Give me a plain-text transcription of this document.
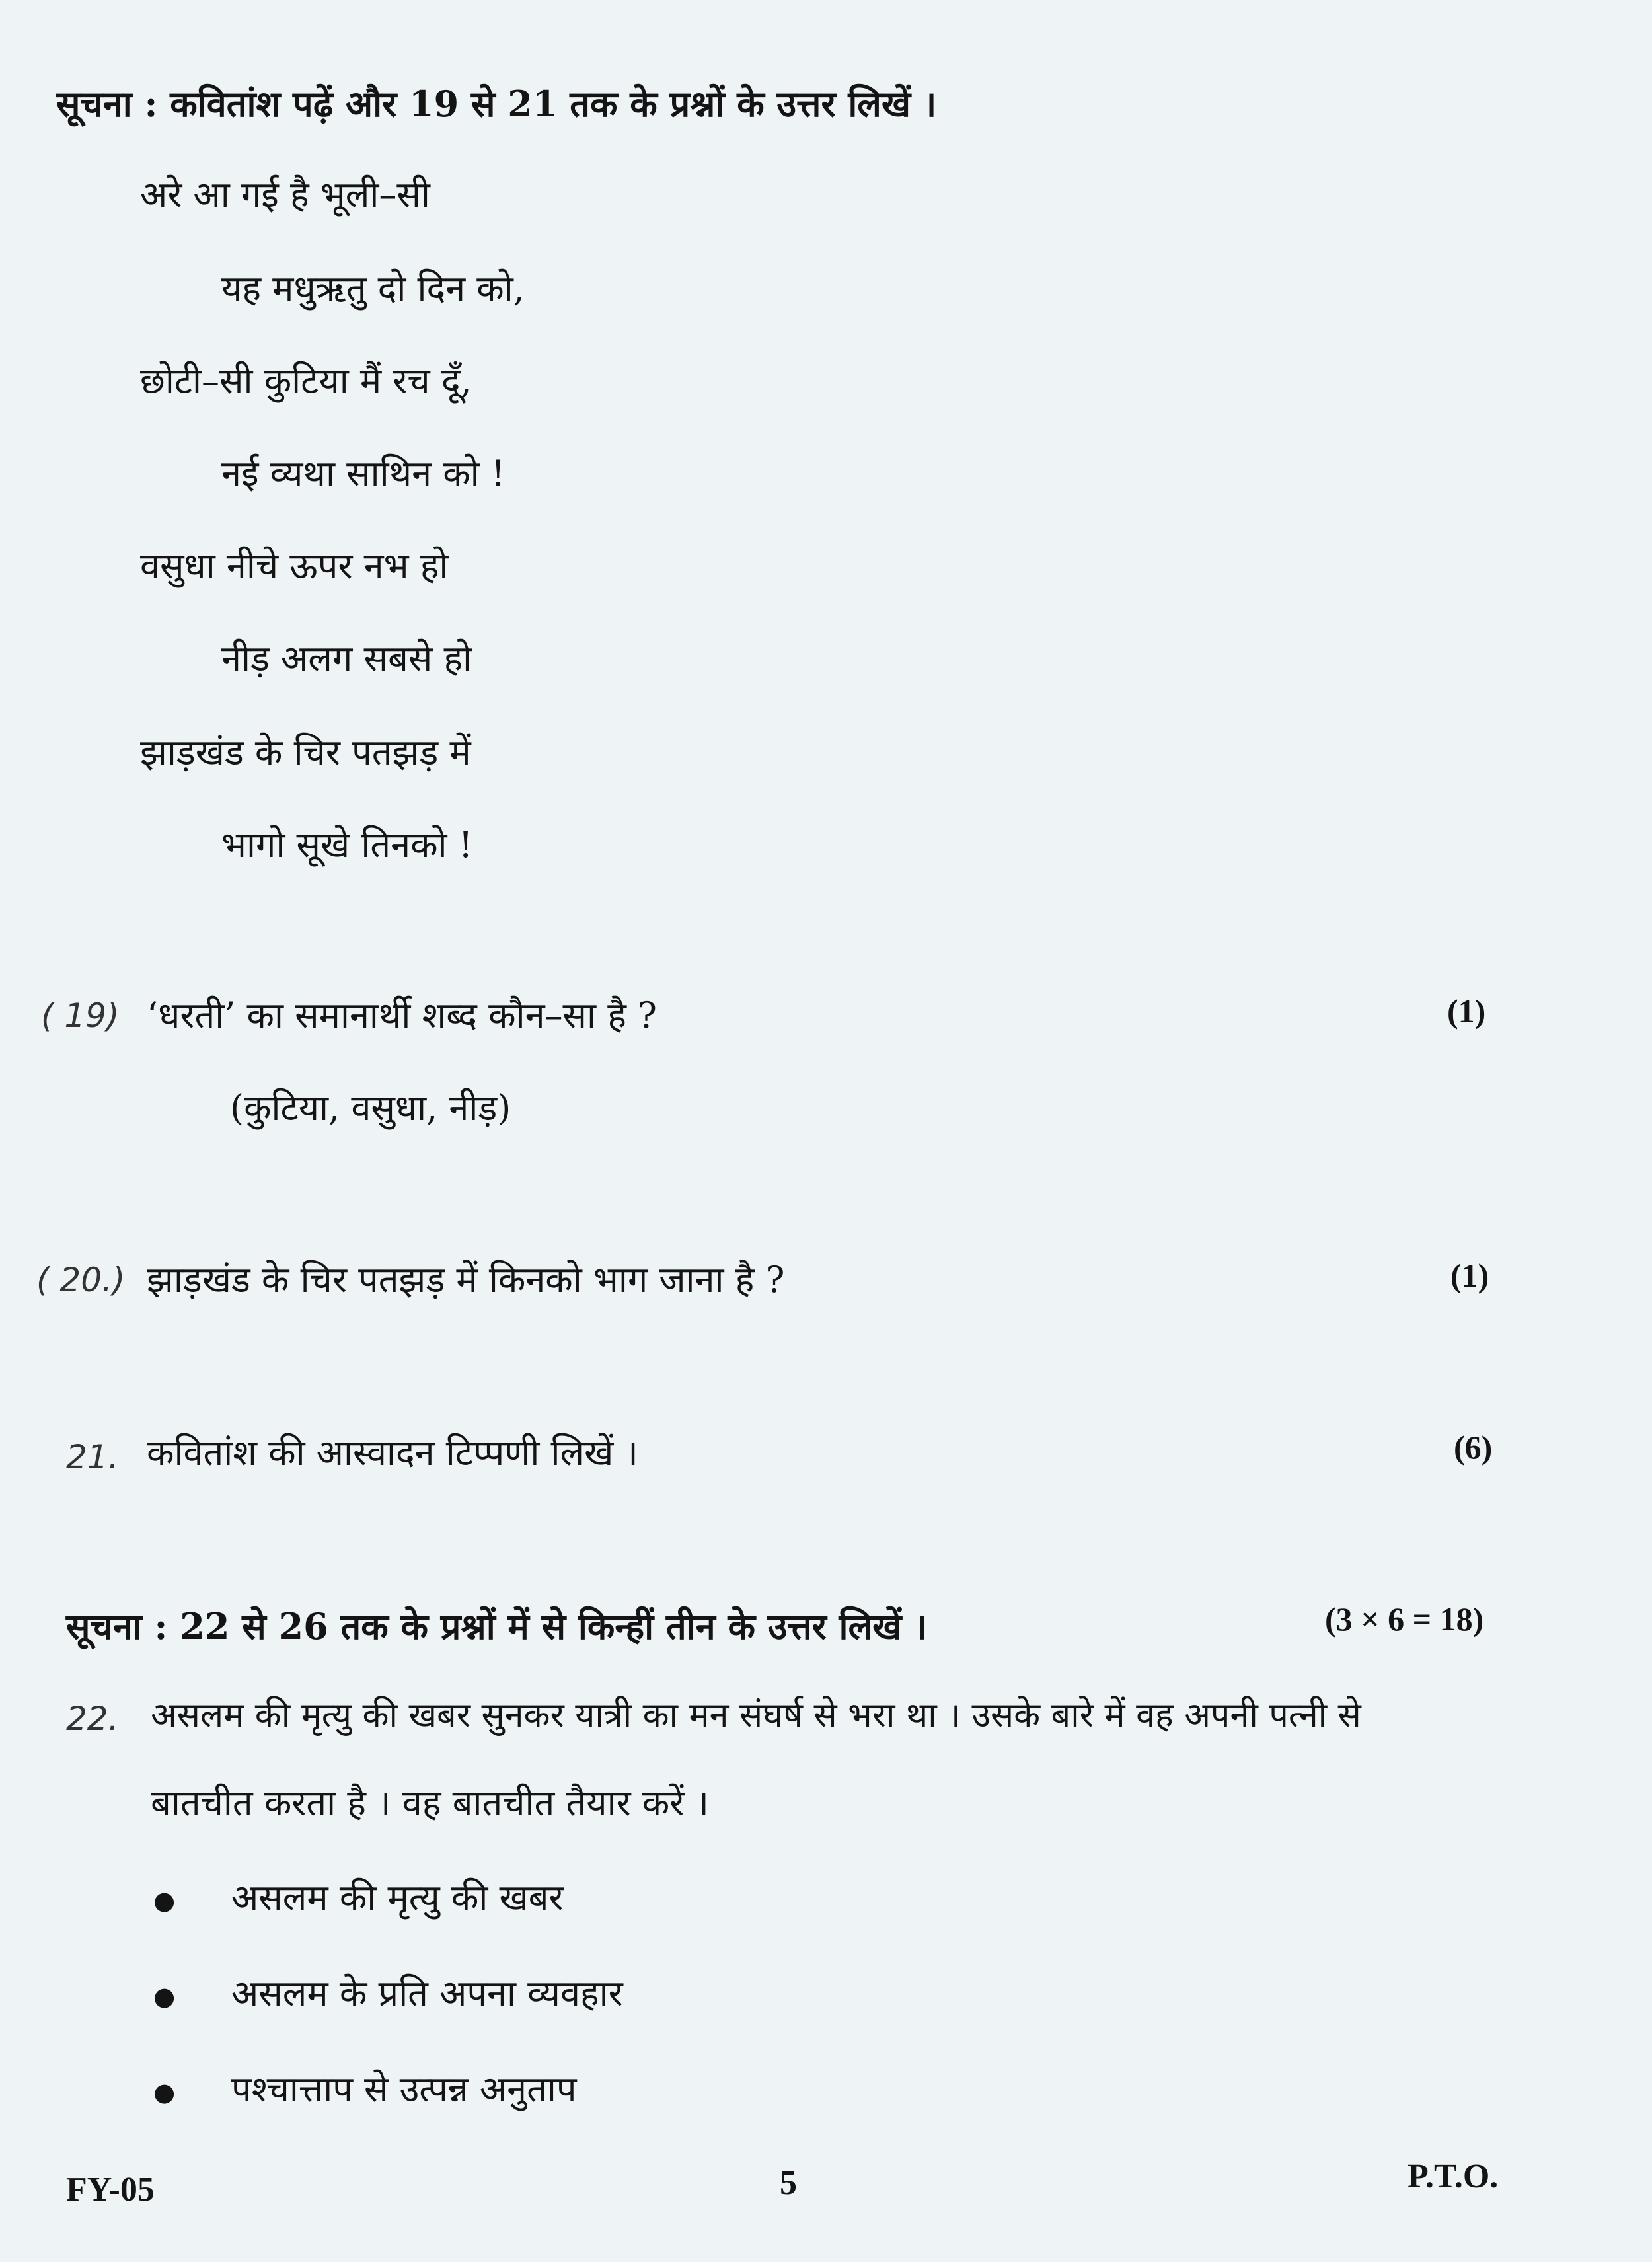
सूचना : कवितांश पढ़ें और 19 से 21 तक के प्रश्नों के उत्तर लिखें ।
अरे आ गई है भूली–सी
यह मधुऋतु दो दिन को,
छोटी–सी कुटिया मैं रच दूँ,
नई व्यथा साथिन को !
वसुधा नीचे ऊपर नभ हो
नीड़ अलग सबसे हो
झाड़खंड के चिर पतझड़ में
भागो सूखे तिनको !
( 19) ‘धरती’ का समानार्थी शब्द कौन–सा है ?	(1)
(कुटिया, वसुधा, नीड़)
( 20.) झाड़खंड के चिर पतझड़ में किनको भाग जाना है ?	(1)
21. कवितांश की आस्वादन टिप्पणी लिखें ।	(6)
सूचना : 22 से 26 तक के प्रश्नों में से किन्हीं तीन के उत्तर लिखें ।	(3 × 6 = 18)
22. असलम की मृत्यु की खबर सुनकर यात्री का मन संघर्ष से भरा था । उसके बारे में वह अपनी पत्नी से
बातचीत करता है । वह बातचीत तैयार करें ।
● असलम की मृत्यु की खबर
● असलम के प्रति अपना व्यवहार
● पश्चात्ताप से उत्पन्न अनुताप
FY-05	5	P.T.O.
